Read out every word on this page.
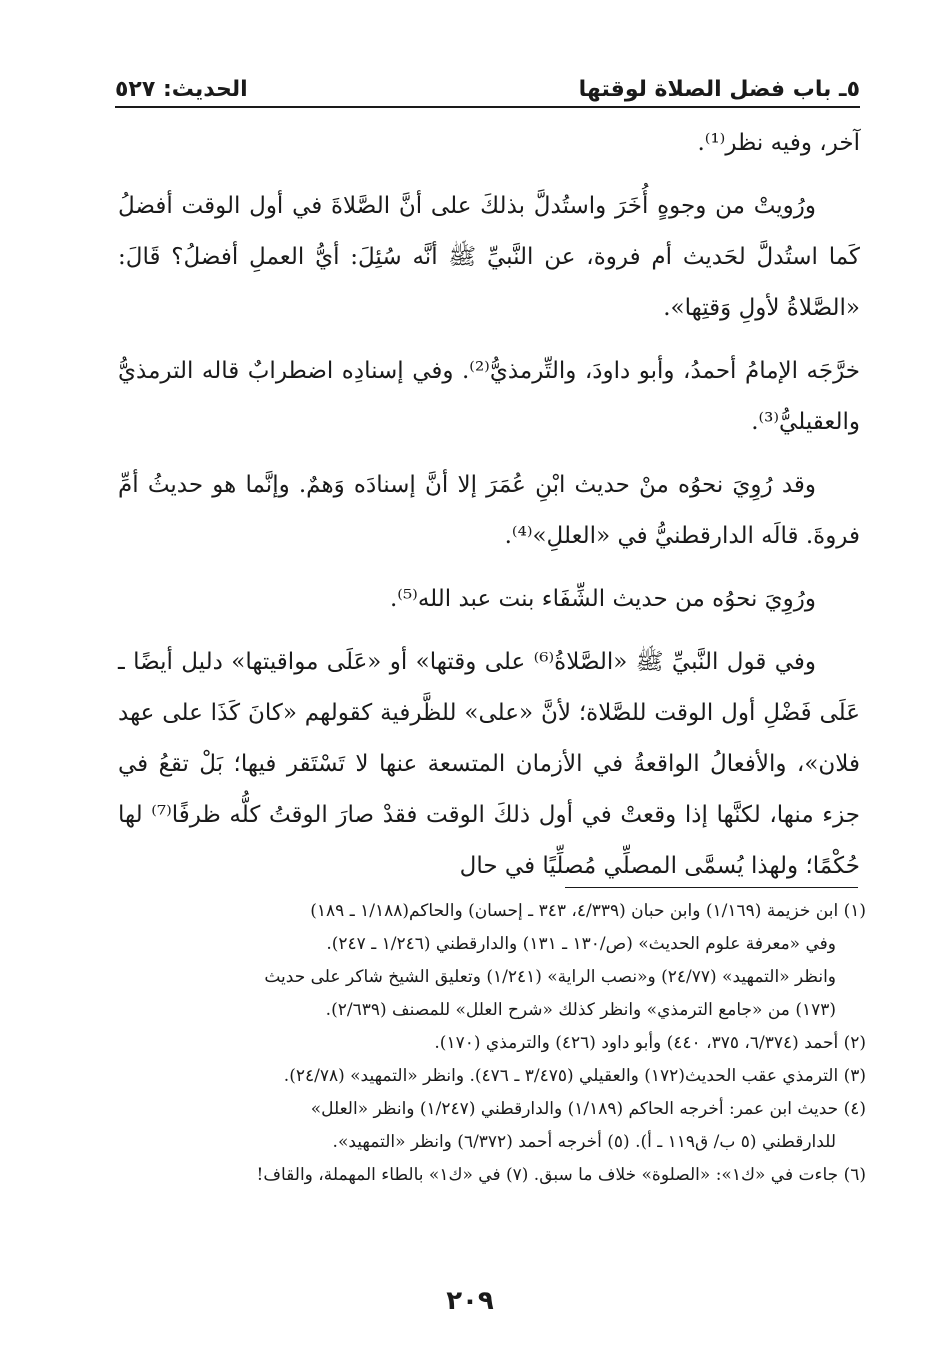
٥ـ باب فضل الصلاة لوقتها
الحديث: ٥٢٧

آخر، وفيه نظر⁽¹⁾.

ورُويتْ من وجوهٍ أُخَرَ واستُدلَّ بذلكَ على أنَّ الصَّلاةَ في أول الوقت أفضلُ كَما استُدلَّ لحَديث أم فروة، عن النَّبيِّ ﷺ أنَّه سُئِلَ: أيُّ العملِ أفضلُ؟ قَالَ: «الصَّلاةُ لأولِ وَقتِها».

خرَّجَه الإمامُ أحمدُ، وأبو داودَ، والتِّرمذيُّ⁽²⁾. وفي إسنادِه اضطرابٌ قاله الترمذيُّ والعقيليُّ⁽³⁾.

وقد رُوِيَ نحوُه منْ حديث ابْنِ عُمَرَ إلا أنَّ إسنادَه وَهمٌ. وإنَّما هو حديثُ أمِّ فروةَ. قالَه الدارقطنيُّ في «العللِ»⁽⁴⁾.

ورُوِيَ نحوُه من حديث الشِّفَاء بنت عبد الله⁽⁵⁾.

وفي قول النَّبيِّ ﷺ «الصَّلاةُ⁽⁶⁾ على وقتها» أو «عَلَى مواقيتها» دليل أيضًا ـ عَلَى فَضْلِ أول الوقت للصَّلاة؛ لأنَّ «على» للظَّرفية كقولهم «كانَ كَذَا على عهد فلان»، والأفعالُ الواقعةُ في الأزمان المتسعة عنها لا تَسْتَقر فيها؛ بَلْ تقعُ في جزء منها، لكنَّها إذا وقعتْ في أول ذلكَ الوقت فقدْ صارَ الوقتُ كلُّه ظرفًا⁽⁷⁾ لها حُكْمًا؛ ولهذا يُسمَّى المصلِّي مُصلِّيًا في حال

(١) ابن خزيمة (١/١٦٩) وابن حبان (٤/٣٣٩، ٣٤٣ ـ إحسان) والحاكم(١/١٨٨ ـ ١٨٩)

وفي «معرفة علوم الحديث» (ص/١٣٠ ـ ١٣١) والدارقطني (١/٢٤٦ ـ ٢٤٧).

وانظر «التمهيد» (٢٤/٧٧) و«نصب الراية» (١/٢٤١) وتعليق الشيخ شاكر على حديث

(١٧٣) من «جامع الترمذي» وانظر كذلك «شرح العلل» للمصنف (٢/٦٣٩).

(٢) أحمد (٦/٣٧٤، ٣٧٥، ٤٤٠) وأبو داود (٤٢٦) والترمذي (١٧٠).

(٣) الترمذي عقب الحديث(١٧٢) والعقيلي (٣/٤٧٥ ـ ٤٧٦). وانظر «التمهيد» (٢٤/٧٨).

(٤) حديث ابن عمر: أخرجه الحاكم (١/١٨٩) والدارقطني (١/٢٤٧) وانظر «العلل»

للدارقطني (٥ ب/ ق١١٩ ـ أ). (٥) أخرجه أحمد (٦/٣٧٢) وانظر «التمهيد».

(٦) جاءت في «ك١»: «الصلوة» خلاف ما سبق. (٧) في «ك١» بالطاء المهملة، والقاف!

٢٠٩
